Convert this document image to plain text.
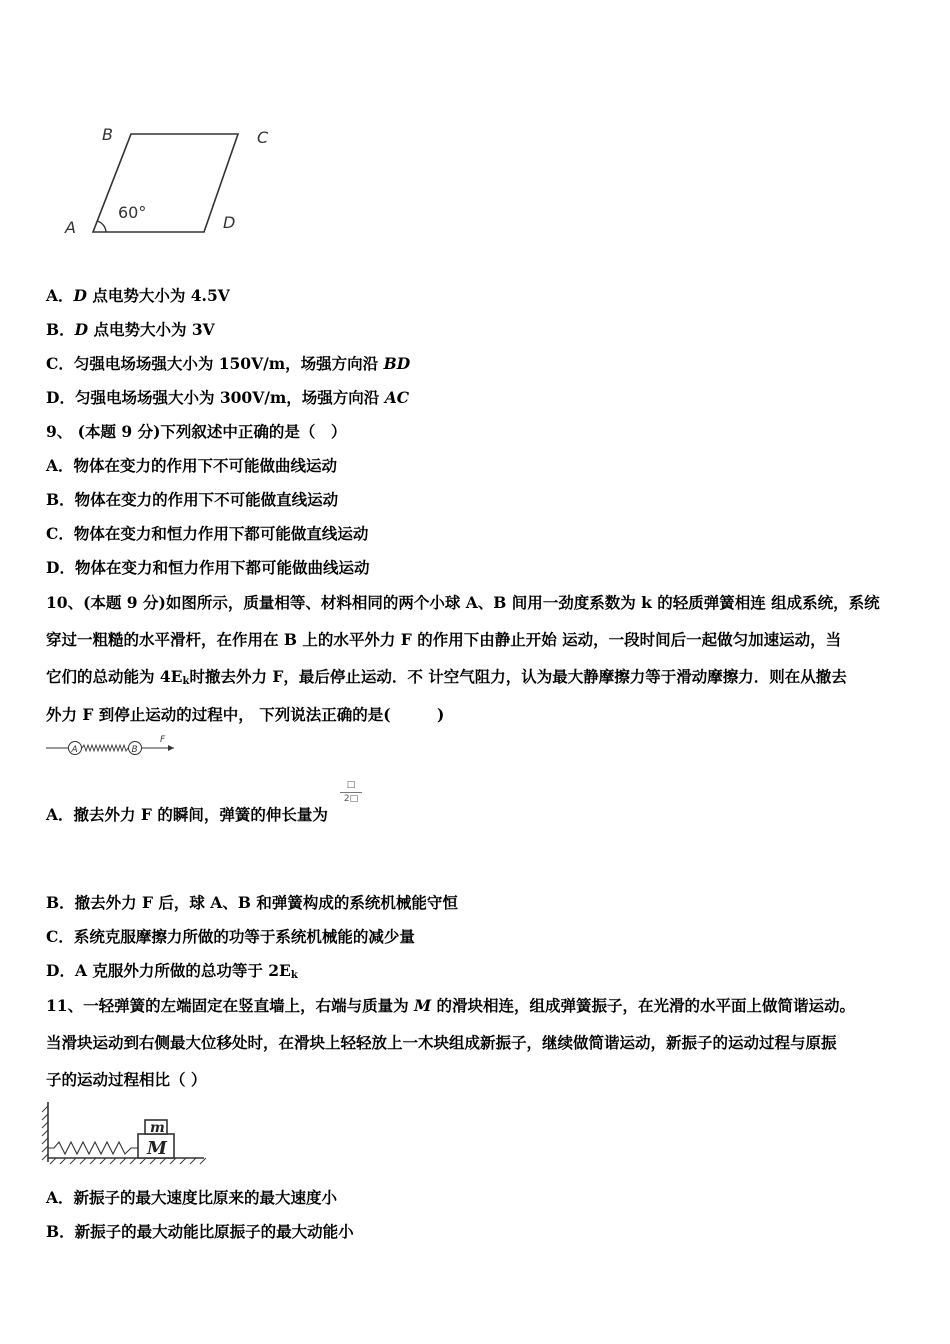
B	C
A	D
60°
A．D 点电势大小为 4.5V
B．D 点电势大小为 3V
C．匀强电场场强大小为 150V/m，场强方向沿 BD
D．匀强电场场强大小为 300V/m，场强方向沿 AC
9、 (本题 9 分)下列叙述中正确的是（　）
A．物体在变力的作用下不可能做曲线运动
B．物体在变力的作用下不可能做直线运动
C．物体在变力和恒力作用下都可能做直线运动
D．物体在变力和恒力作用下都可能做曲线运动
10、(本题 9 分)如图所示，质量相等、材料相同的两个小球 A、B 间用一劲度系数为 k 的轻质弹簧相连 组成系统，系统
穿过一粗糙的水平滑杆，在作用在 B 上的水平外力 F 的作用下由静止开始 运动，一段时间后一起做匀加速运动，当
它们的总动能为 $4E_k$时撤去外力 F，最后停止运动．不 计空气阻力，认为最大静摩擦力等于滑动摩擦力．则在从撤去
外力 F 到停止运动的过程中， 下列说法正确的是(　　　)
A	B
F
A．撤去外力 F 的瞬间，弹簧的伸长量为
□
2□
B．撤去外力 F 后，球 A、B 和弹簧构成的系统机械能守恒
C．系统克服摩擦力所做的功等于系统机械能的减少量
D．A 克服外力所做的总功等于 $2E_k$
11、一轻弹簧的左端固定在竖直墙上，右端与质量为 M 的滑块相连，组成弹簧振子，在光滑的水平面上做简谐运动。
当滑块运动到右侧最大位移处时，在滑块上轻轻放上一木块组成新振子，继续做简谐运动，新振子的运动过程与原振
子的运动过程相比（ ）
m
M
A．新振子的最大速度比原来的最大速度小
B．新振子的最大动能比原振子的最大动能小
